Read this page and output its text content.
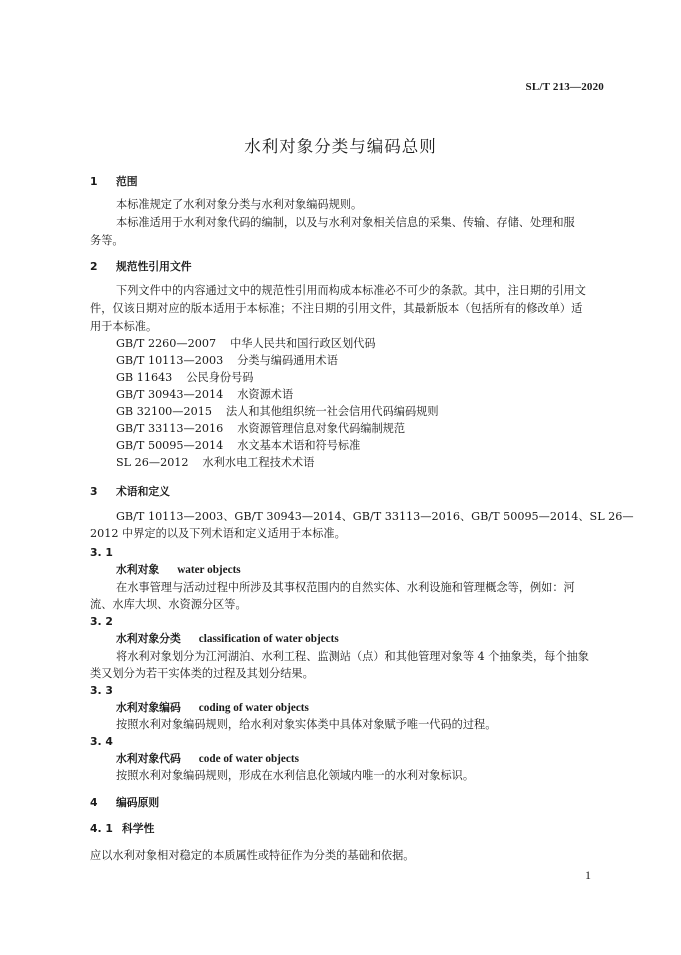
SL/T 213—2020
水利对象分类与编码总则
1 范围
本标准规定了水利对象分类与水利对象编码规则。
本标准适用于水利对象代码的编制，以及与水利对象相关信息的采集、传输、存储、处理和服
务等。
2 规范性引用文件
下列文件中的内容通过文中的规范性引用而构成本标准必不可少的条款。其中，注日期的引用文
件，仅该日期对应的版本适用于本标准；不注日期的引用文件，其最新版本（包括所有的修改单）适
用于本标准。
GB/T 2260—2007 中华人民共和国行政区划代码
GB/T 10113—2003 分类与编码通用术语
GB 11643 公民身份号码
GB/T 30943—2014 水资源术语
GB 32100—2015 法人和其他组织统一社会信用代码编码规则
GB/T 33113—2016 水资源管理信息对象代码编制规范
GB/T 50095—2014 水文基本术语和符号标准
SL 26—2012 水利水电工程技术术语
3 术语和定义
GB/T 10113—2003、GB/T 30943—2014、GB/T 33113—2016、GB/T 50095—2014、SL 26—
2012 中界定的以及下列术语和定义适用于本标准。
3. 1
水利对象 water objects
在水事管理与活动过程中所涉及其事权范围内的自然实体、水利设施和管理概念等，例如：河
流、水库大坝、水资源分区等。
3. 2
水利对象分类 classification of water objects
将水利对象划分为江河湖泊、水利工程、监测站（点）和其他管理对象等 4 个抽象类，每个抽象
类又划分为若干实体类的过程及其划分结果。
3. 3
水利对象编码 coding of water objects
按照水利对象编码规则，给水利对象实体类中具体对象赋予唯一代码的过程。
3. 4
水利对象代码 code of water objects
按照水利对象编码规则，形成在水利信息化领域内唯一的水利对象标识。
4 编码原则
4. 1 科学性
应以水利对象相对稳定的本质属性或特征作为分类的基础和依据。
1
